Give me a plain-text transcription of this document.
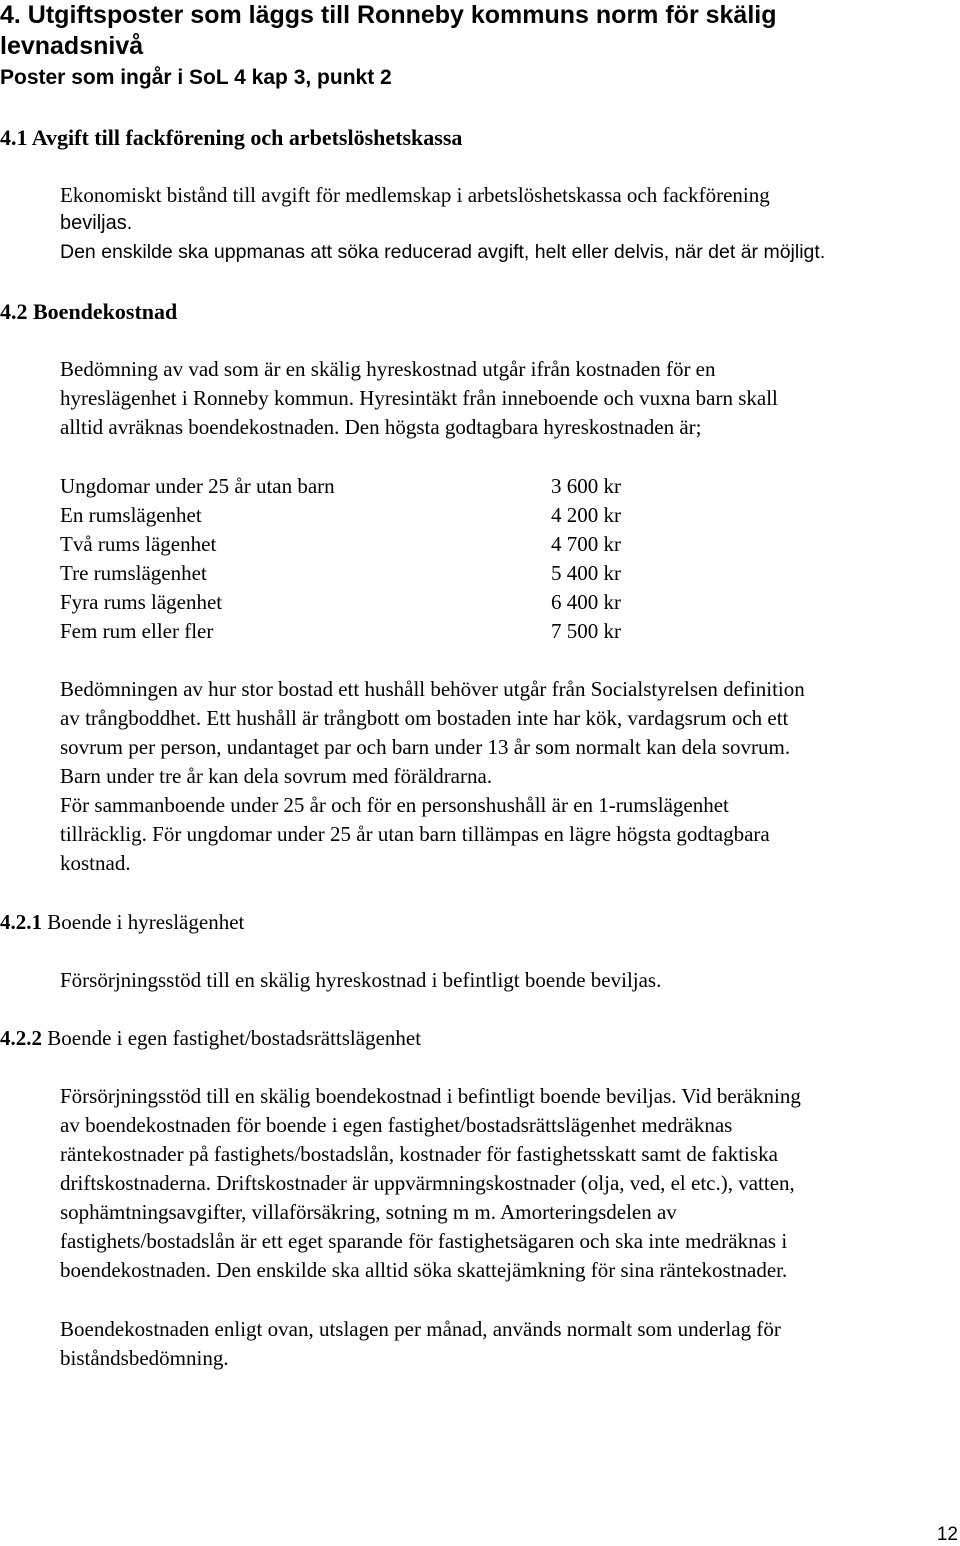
4. Utgiftsposter som läggs till Ronneby kommuns norm för skälig
levnadsnivå
Poster som ingår i SoL 4 kap 3, punkt 2
4.1 Avgift till fackförening och arbetslöshetskassa
Ekonomiskt bistånd till avgift för medlemskap i arbetslöshetskassa och fackförening
beviljas.
Den enskilde ska uppmanas att söka reducerad avgift, helt eller delvis, när det är möjligt.
4.2 Boendekostnad
Bedömning av vad som är en skälig hyreskostnad utgår ifrån kostnaden för en
hyreslägenhet i Ronneby kommun. Hyresintäkt från inneboende och vuxna barn skall
alltid avräknas boendekostnaden. Den högsta godtagbara hyreskostnaden är;
Ungdomar under 25 år utan barn	3 600 kr
En rumslägenhet	4 200 kr
Två rums lägenhet	4 700 kr
Tre rumslägenhet	5 400 kr
Fyra rums lägenhet	6 400 kr
Fem rum eller fler	7 500 kr
Bedömningen av hur stor bostad ett hushåll behöver utgår från Socialstyrelsen definition
av trångboddhet. Ett hushåll är trångbott om bostaden inte har kök, vardagsrum och ett
sovrum per person, undantaget par och barn under 13 år som normalt kan dela sovrum.
Barn under tre år kan dela sovrum med föräldrarna.
För sammanboende under 25 år och för en personshushåll är en 1-rumslägenhet
tillräcklig. För ungdomar under 25 år utan barn tillämpas en lägre högsta godtagbara
kostnad.
4.2.1 Boende i hyreslägenhet
Försörjningsstöd till en skälig hyreskostnad i befintligt boende beviljas.
4.2.2 Boende i egen fastighet/bostadsrättslägenhet
Försörjningsstöd till en skälig boendekostnad i befintligt boende beviljas. Vid beräkning
av boendekostnaden för boende i egen fastighet/bostadsrättslägenhet medräknas
räntekostnader på fastighets/bostadslån, kostnader för fastighetsskatt samt de faktiska
driftskostnaderna. Driftskostnader är uppvärmningskostnader (olja, ved, el etc.), vatten,
sophämtningsavgifter, villaförsäkring, sotning m m. Amorteringsdelen av
fastighets/bostadslån är ett eget sparande för fastighetsägaren och ska inte medräknas i
boendekostnaden. Den enskilde ska alltid söka skattejämkning för sina räntekostnader.
Boendekostnaden enligt ovan, utslagen per månad, används normalt som underlag för
biståndsbedömning.
12
